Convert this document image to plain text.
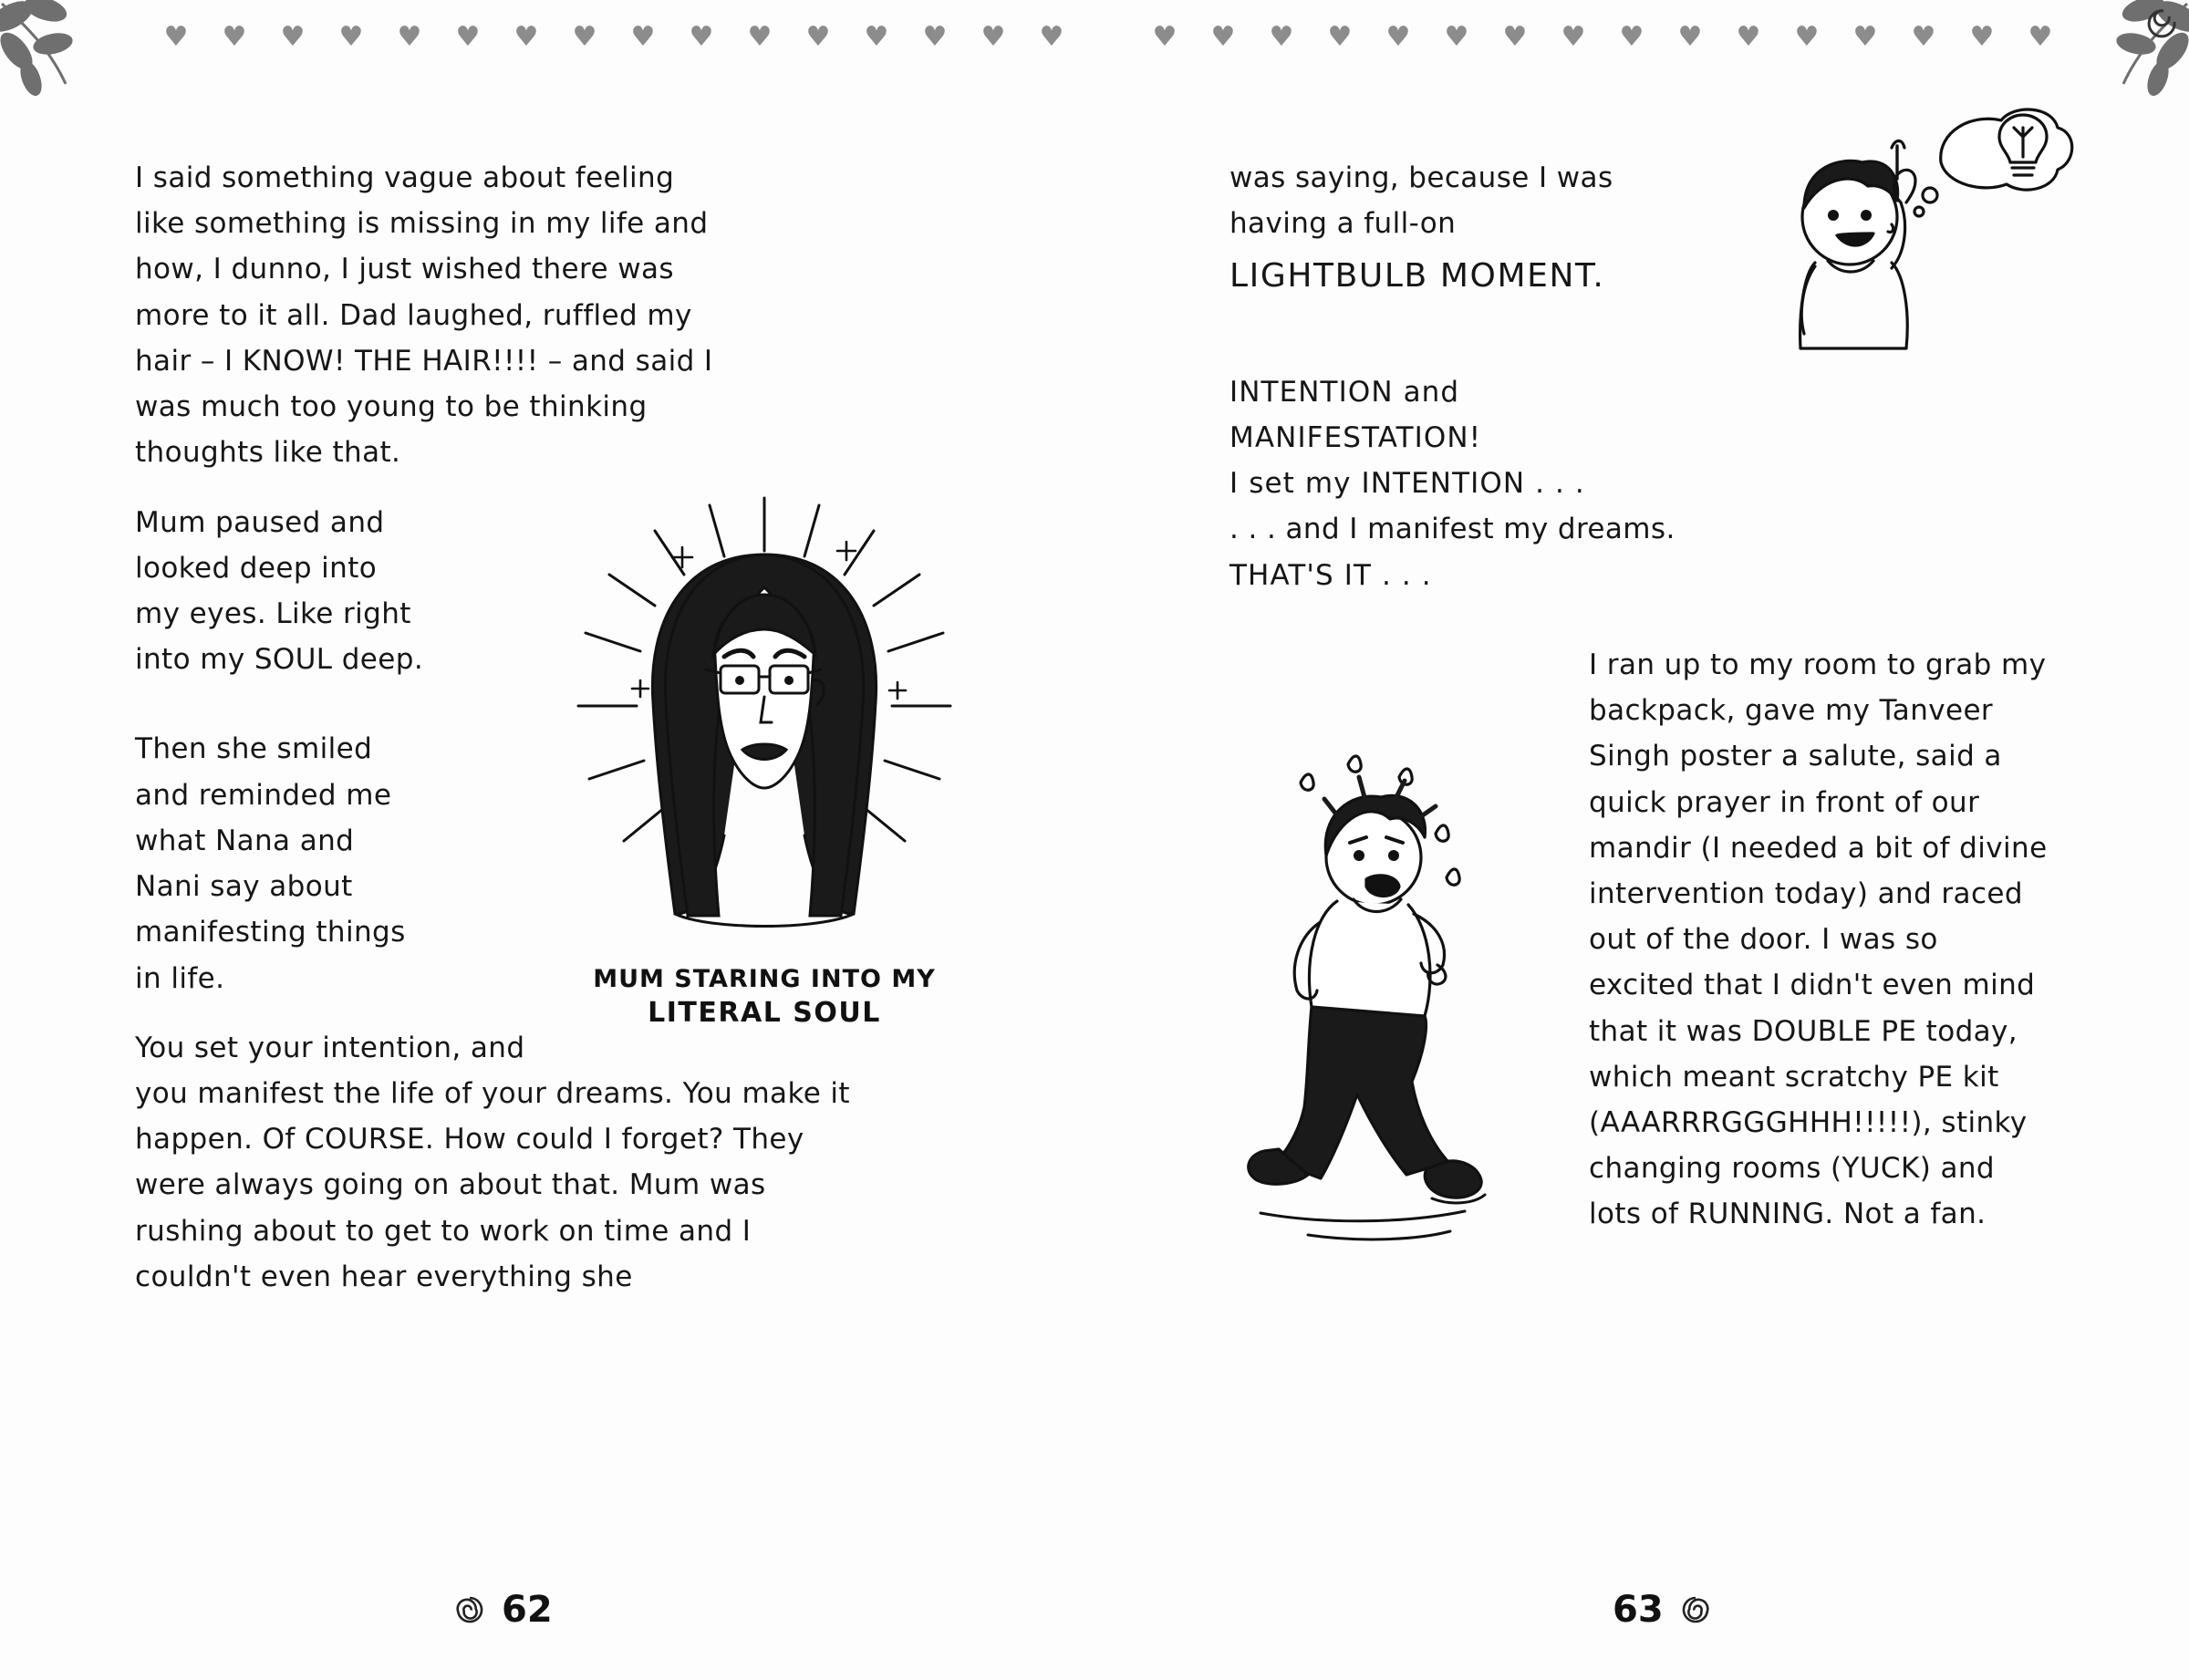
♥ ♥ ♥ ♥ ♥ ♥ ♥ ♥ ♥ ♥ ♥ ♥ ♥ ♥ ♥ ♥	♥ ♥ ♥ ♥ ♥ ♥ ♥ ♥ ♥ ♥ ♥ ♥ ♥ ♥ ♥ ♥

I said something vague about feeling like something is missing in my life and how, I dunno, I just wished there was more to it all. Dad laughed, ruffled my hair – I KNOW! THE HAIR!!!! – and said I was much too young to be thinking thoughts like that.

MUM STARING INTO MY
LITERAL SOUL

Mum paused and looked deep into my eyes. Like right into my SOUL deep.

Then she smiled and reminded me what Nana and Nani say about manifesting things in life.

You set your intention, and you manifest the life of your dreams. You make it happen. Of COURSE. How could I forget? They were always going on about that. Mum was rushing about to get to work on time and I couldn't even hear everything she

was saying, because I was having a full-on

LIGHTBULB MOMENT.

INTENTION and MANIFESTATION!

I set my INTENTION . . .

. . . and I manifest my dreams.

THAT'S IT . . .

I ran up to my room to grab my backpack, gave my Tanveer Singh poster a salute, said a quick prayer in front of our mandir (I needed a bit of divine intervention today) and raced out of the door. I was so excited that I didn't even mind that it was DOUBLE PE today, which meant scratchy PE kit (AAARRRGGGHHH!!!!!), stinky changing rooms (YUCK) and lots of RUNNING. Not a fan.

62	63
